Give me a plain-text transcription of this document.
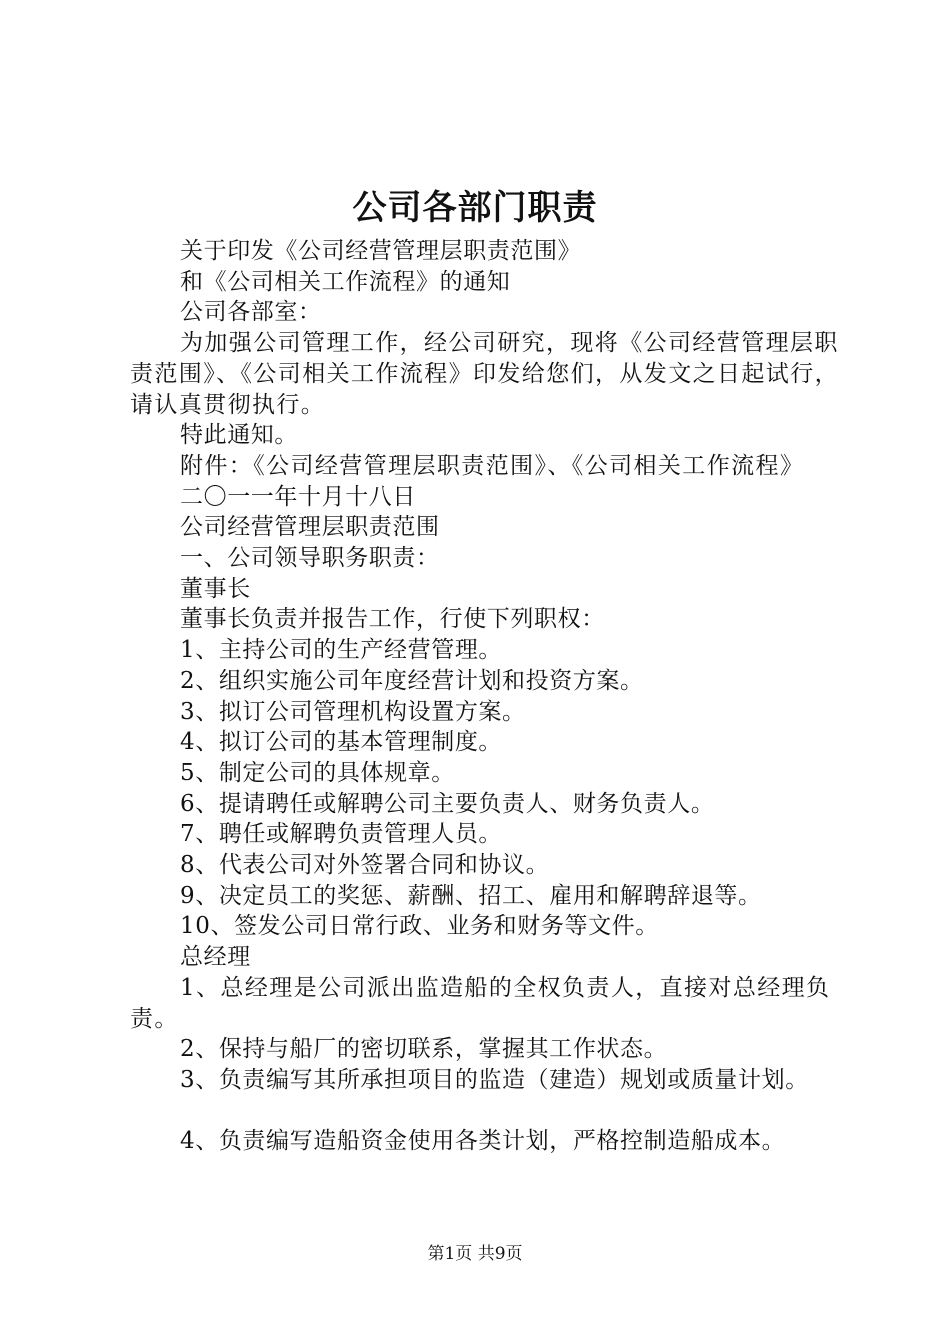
公司各部门职责

关于印发《公司经营管理层职责范围》

和《公司相关工作流程》的通知

公司各部室：

为加强公司管理工作，经公司研究，现将《公司经营管理层职责范围》、《公司相关工作流程》印发给您们，从发文之日起试行，请认真贯彻执行。

特此通知。

附件：《公司经营管理层职责范围》、《公司相关工作流程》

二〇一一年十月十八日

公司经营管理层职责范围

一、公司领导职务职责：

董事长

董事长负责并报告工作，行使下列职权：

1、主持公司的生产经营管理。

2、组织实施公司年度经营计划和投资方案。

3、拟订公司管理机构设置方案。

4、拟订公司的基本管理制度。

5、制定公司的具体规章。

6、提请聘任或解聘公司主要负责人、财务负责人。

7、聘任或解聘负责管理人员。

8、代表公司对外签署合同和协议。

9、决定员工的奖惩、薪酬、招工、雇用和解聘辞退等。

10、签发公司日常行政、业务和财务等文件。

总经理

1、总经理是公司派出监造船的全权负责人，直接对总经理负责。

2、保持与船厂的密切联系，掌握其工作状态。

3、负责编写其所承担项目的监造（建造）规划或质量计划。

4、负责编写造船资金使用各类计划，严格控制造船成本。

第1页 共9页
